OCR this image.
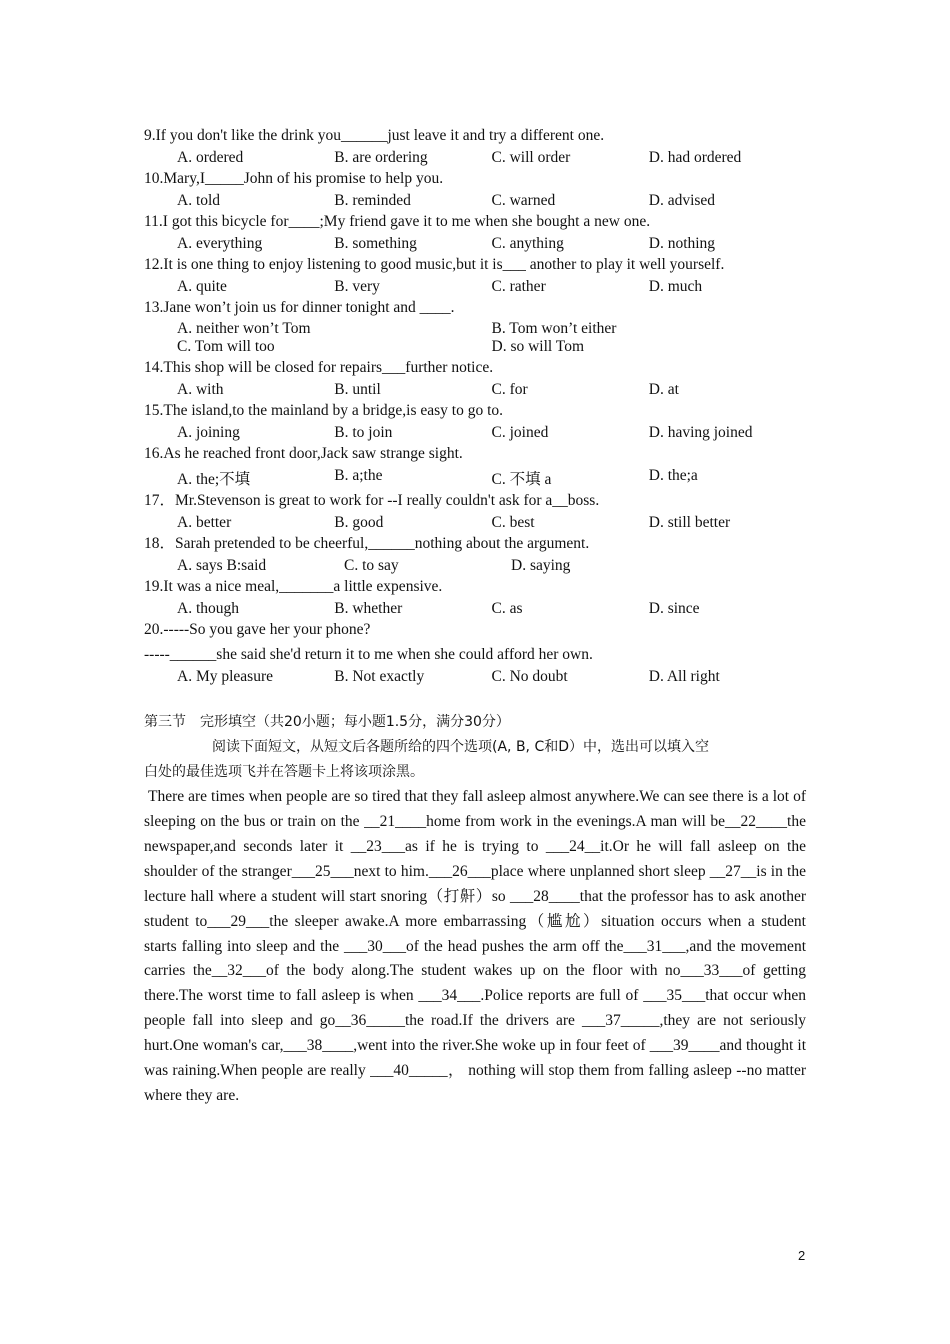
9.If you don't like the drink you______just leave it and try a different one.
A. ordered	B. are ordering	C. will order	D. had ordered
10.Mary,I_____John of his promise to help you.
A. told	B. reminded	C. warned	D. advised
11.I got this bicycle for____;My friend gave it to me when she bought a new one.
A. everything	B. something	C. anything	D. nothing
12.It is one thing to enjoy listening to good music,but it is___ another to play it well yourself.
A. quite	B. very	C. rather	D. much
13.Jane won’t join us for dinner tonight and ____.
A. neither won’t Tom	B. Tom won’t either
C. Tom will too	D. so will Tom
14.This shop will be closed for repairs___further notice.
A. with	B. until	C. for	D. at
15.The island,to the mainland by a bridge,is easy to go to.
A. joining	B. to join	C. joined	D. having joined
16.As he reached front door,Jack saw strange sight.
A. the;不填	B. a;the	C. 不填 a	D. the;a
17．Mr.Stevenson is great to work for --I really couldn't ask for a__boss.
A. better	B. good	C. best	D. still better
18．Sarah pretended to be cheerful,______nothing about the argument.
A. says B:said	C. to say	D. saying
19.It was a nice meal,_______a little expensive.
A. though	B. whether	C. as	D. since
20.-----So you gave her your phone?
-----______she said she'd return it to me when she could afford her own.
A. My pleasure	B. Not exactly	C. No doubt	D. All right
第三节　完形填空（共20小题；每小题1.5分，满分30分）
阅读下面短文，从短文后各题所给的四个选项(A, B, C和D）中，选出可以填入空
白处的最佳选项飞并在答题卡上将该项涂黑。

There are times when people are so tired that they fall asleep almost anywhere.We can see there is a lot of sleeping on the bus or train on the __21____home from work in the evenings.A man will be__22____the newspaper,and seconds later it __23___as if he is trying to ___24__it.Or he will fall asleep on the shoulder of the stranger___25___next to him.___26___place where unplanned short sleep __27__is in the lecture hall where a student will start snoring（打鼾）so ___28____that the professor has to ask another student to___29___the sleeper awake.A more embarrassing（尴尬）situation occurs when a student starts falling into sleep and the ___30___of the head pushes the arm off the___31___,and the movement carries the__32___of the body along.The student wakes up on the floor with no___33___of getting there.The worst time to fall asleep is when ___34___.Police reports are full of ___35___that occur when people fall into sleep and go__36_____the road.If the drivers are ___37_____,they are not seriously hurt.One woman's car,___38____,went into the river.She woke up in four feet of ___39____and thought it was raining.When people are really ___40_____， nothing will stop them from falling asleep --no matter where they are.

2
